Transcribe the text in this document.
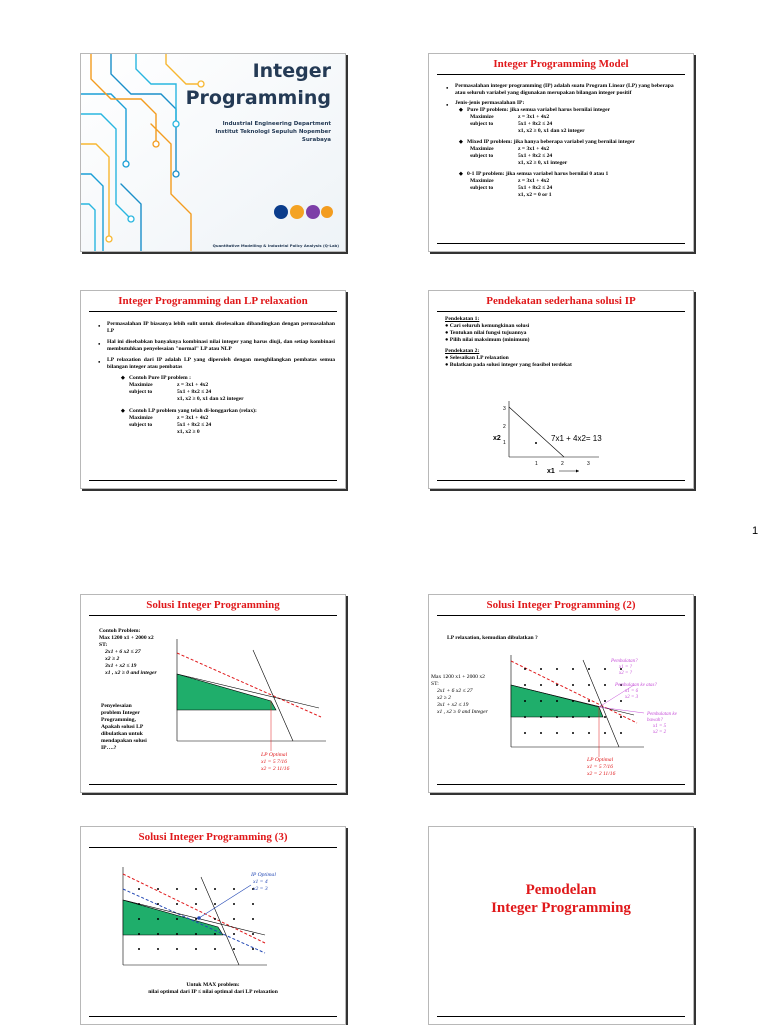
Integer
Programming
Industrial Engineering Department
Institut Teknologi Sepuluh Nopember
Surabaya
Quantitative Modelling & Industrial Policy Analysis (Q-Lab)
Integer Programming Model
● Permasalahan integer programming (IP) adalah suatu Program Linear (LP) yang beberapa atau seluruh variabel yang digunakan merupakan bilangan integer positif
● Jenis-jenis permasalahan IP:
◆ Pure IP problem: jika semua variabel harus bernilai integer
Maximize	z = 3x1 + 4x2
subject to	5x1 + 8x2 ≤ 24
x1, x2 ≥ 0, x1 dan x2 integer
◆ Mixed IP problem: jika hanya beberapa variabel yang bernilai integer
Maximize	z = 3x1 + 4x2
subject to	5x1 + 8x2 ≤ 24
x1, x2 ≥ 0, x1 integer
◆ 0-1 IP problem: jika semua variabel harus bernilai 0 atau 1
Maximize	z = 3x1 + 4x2
subject to	5x1 + 8x2 ≤ 24
x1, x2 = 0 or 1
Integer Programming dan LP relaxation
● Permasalahan IP biasanya lebih sulit untuk diselesaikan dibandingkan dengan permasalahan LP
● Hal ini disebabkan banyaknya kombinasi nilai integer yang harus diuji, dan setiap kombinasi membutuhkan penyelesaian "normal" LP atau NLP
● LP relaxation dari IP adalah LP yang diperoleh dengan menghilangkan pembatas semua bilangan integer atau pembatas
◆ Contoh Pure IP problem :
Maximize	z = 3x1 + 4x2
subject to	5x1 + 8x2 ≤ 24
x1, x2 ≥ 0, x1 dan x2 integer
◆ Contoh LP problem yang telah di-longgarkan (relax):
Maximize	z = 3x1 + 4x2
subject to	5x1 + 8x2 ≤ 24
x1, x2 ≥ 0
Pendekatan sederhana solusi IP
Pendekatan 1:
● Cari seluruh kemungkinan solusi
● Tentukan nilai fungsi tujuannya
● Pilih nilai maksimum (minimum)
Pendekatan 2:
● Selesaikan LP relaxation
● Bulatkan pada solusi integer yang feasibel terdekat
3
2
1
x2
1	2	3
x1
7x1 + 4x2= 13
1
Solusi Integer Programming
Contoh Problem:
Max 1200 x1 + 2000 x2
ST:
2x1 + 6 x2 ≤ 27
x2 ≥ 2
3x1 + x2 ≤ 19
x1 , x2 ≥ 0 and integer
Penyelesaian
problem Integer
Programming,
Apakah solusi LP
dibulatkan untuk
mendapakan solusi
IP….?
LP Optimal
x1 = 5 7/16
x2 = 2 11/16
Solusi Integer Programming (2)
LP relaxation, kemudian dibulatkan ?
Max 1200 x1 + 2000 x2
ST:
2x1 + 6 x2 ≤ 27
x2 ≥ 2
3x1 + x2 ≤ 19
x1 , x2 ≥ 0 and Integer
Pembulatan?
x1 = ?
x2 = ?
Pembulatan ke atas?
x1 = 6
x2 = 3
Pembulatan ke bawah?
x1 = 5
x2 = 2
LP Optimal
x1 = 5 7/16
x2 = 2 11/16
Solusi Integer Programming (3)
IP Optimal
x1 = 4
x2 = 3
Untuk MAX problem:
nilai optimal dari IP ≤ nilai optimal dari LP relaxation
Pemodelan
Integer Programming
